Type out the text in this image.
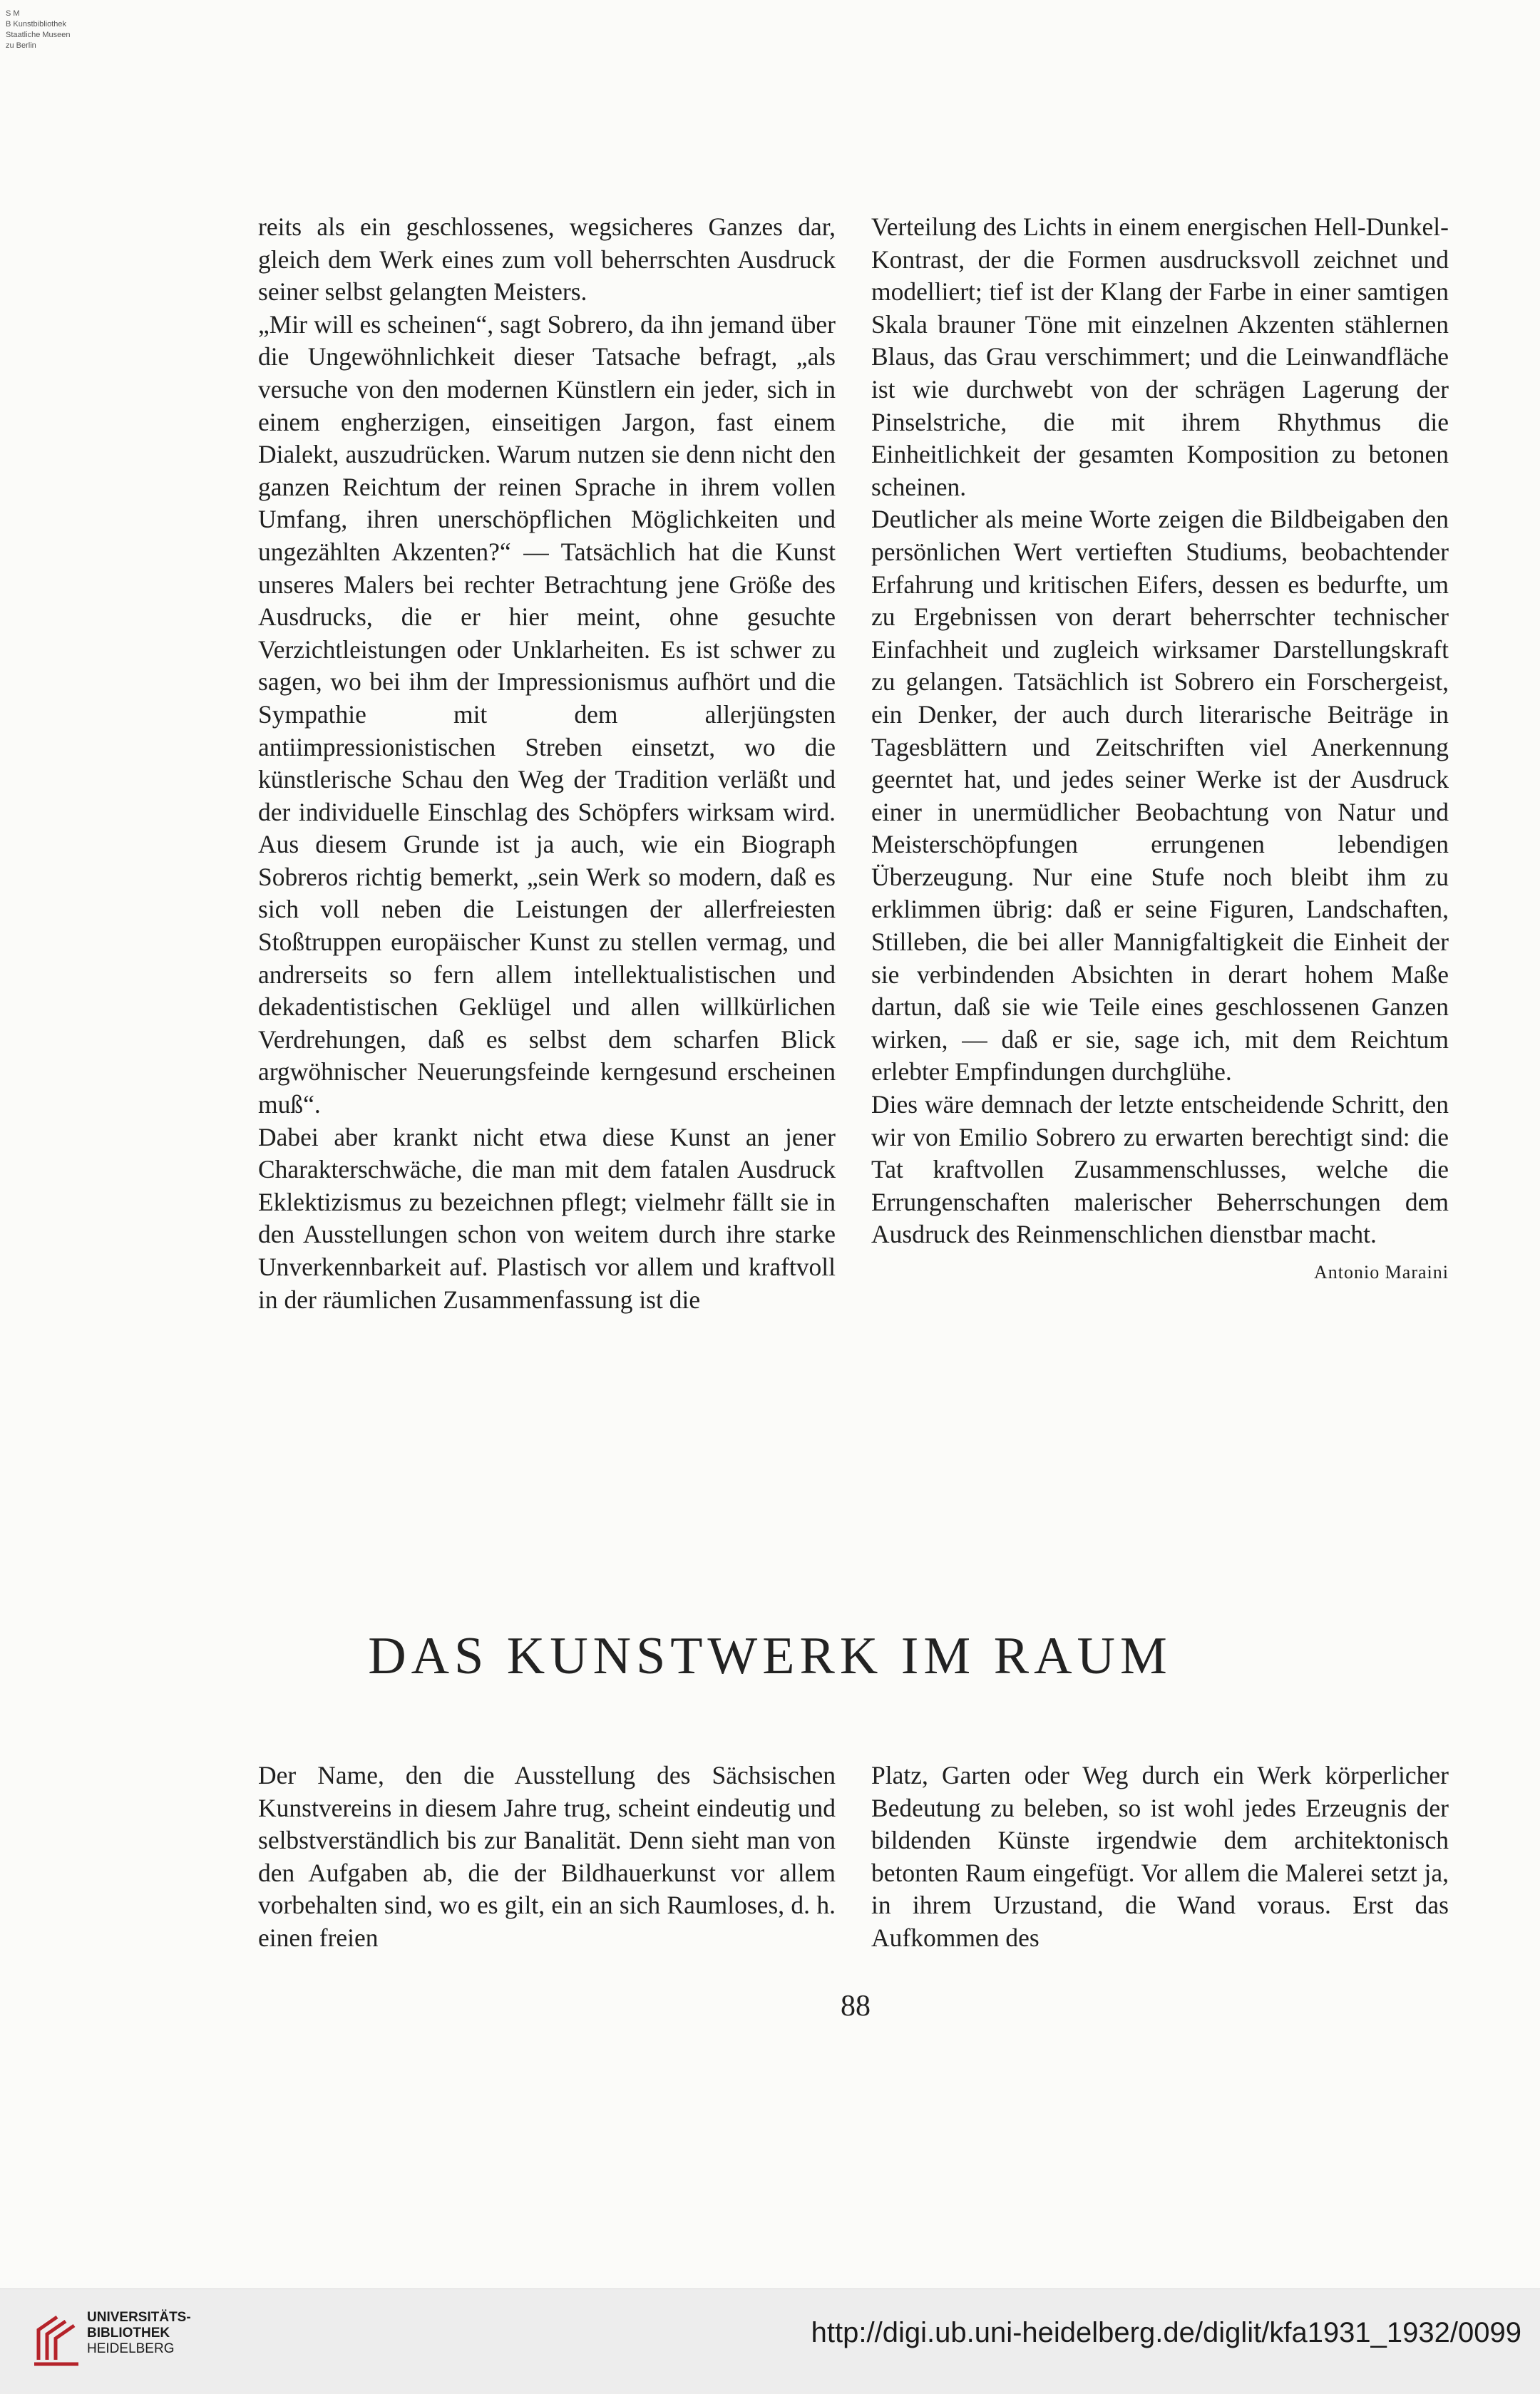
S M
B Kunstbibliothek
Staatliche Museen
zu Berlin

reits als ein geschlossenes, wegsicheres Ganzes dar, gleich dem Werk eines zum voll beherrschten Ausdruck seiner selbst gelangten Meisters.

„Mir will es scheinen“, sagt Sobrero, da ihn jemand über die Ungewöhnlichkeit dieser Tatsache befragt, „als versuche von den modernen Künstlern ein jeder, sich in einem engherzigen, einseitigen Jargon, fast einem Dialekt, auszudrücken. Warum nutzen sie denn nicht den ganzen Reichtum der reinen Sprache in ihrem vollen Umfang, ihren unerschöpflichen Möglichkeiten und ungezählten Akzenten?“ — Tatsächlich hat die Kunst unseres Malers bei rechter Betrachtung jene Größe des Ausdrucks, die er hier meint, ohne gesuchte Verzichtleistungen oder Unklarheiten. Es ist schwer zu sagen, wo bei ihm der Impressionismus aufhört und die Sympathie mit dem allerjüngsten antiimpressionistischen Streben einsetzt, wo die künstlerische Schau den Weg der Tradition verläßt und der individuelle Einschlag des Schöpfers wirksam wird. Aus diesem Grunde ist ja auch, wie ein Biograph Sobreros richtig bemerkt, „sein Werk so modern, daß es sich voll neben die Leistungen der allerfreiesten Stoßtruppen europäischer Kunst zu stellen vermag, und andrerseits so fern allem intellektualistischen und dekadentistischen Geklügel und allen willkürlichen Verdrehungen, daß es selbst dem scharfen Blick argwöhnischer Neuerungsfeinde kerngesund erscheinen muß“.

Dabei aber krankt nicht etwa diese Kunst an jener Charakterschwäche, die man mit dem fatalen Ausdruck Eklektizismus zu bezeichnen pflegt; vielmehr fällt sie in den Ausstellungen schon von weitem durch ihre starke Unverkennbarkeit auf. Plastisch vor allem und kraftvoll in der räumlichen Zusammenfassung ist die

Verteilung des Lichts in einem energischen Hell-Dunkel-Kontrast, der die Formen ausdrucksvoll zeichnet und modelliert; tief ist der Klang der Farbe in einer samtigen Skala brauner Töne mit einzelnen Akzenten stählernen Blaus, das Grau verschimmert; und die Leinwandfläche ist wie durchwebt von der schrägen Lagerung der Pinselstriche, die mit ihrem Rhythmus die Einheitlichkeit der gesamten Komposition zu betonen scheinen.

Deutlicher als meine Worte zeigen die Bildbeigaben den persönlichen Wert vertieften Studiums, beobachtender Erfahrung und kritischen Eifers, dessen es bedurfte, um zu Ergebnissen von derart beherrschter technischer Einfachheit und zugleich wirksamer Darstellungskraft zu gelangen. Tatsächlich ist Sobrero ein Forschergeist, ein Denker, der auch durch literarische Beiträge in Tagesblättern und Zeitschriften viel Anerkennung geerntet hat, und jedes seiner Werke ist der Ausdruck einer in unermüdlicher Beobachtung von Natur und Meisterschöpfungen errungenen lebendigen Überzeugung. Nur eine Stufe noch bleibt ihm zu erklimmen übrig: daß er seine Figuren, Landschaften, Stilleben, die bei aller Mannigfaltigkeit die Einheit der sie verbindenden Absichten in derart hohem Maße dartun, daß sie wie Teile eines geschlossenen Ganzen wirken, — daß er sie, sage ich, mit dem Reichtum erlebter Empfindungen durchglühe.

Dies wäre demnach der letzte entscheidende Schritt, den wir von Emilio Sobrero zu erwarten berechtigt sind: die Tat kraftvollen Zusammenschlusses, welche die Errungenschaften malerischer Beherrschungen dem Ausdruck des Reinmenschlichen dienstbar macht.

Antonio Maraini
DAS KUNSTWERK IM RAUM

Der Name, den die Ausstellung des Sächsischen Kunstvereins in diesem Jahre trug, scheint eindeutig und selbstverständlich bis zur Banalität. Denn sieht man von den Aufgaben ab, die der Bildhauerkunst vor allem vorbehalten sind, wo es gilt, ein an sich Raumloses, d. h. einen freien

Platz, Garten oder Weg durch ein Werk körperlicher Bedeutung zu beleben, so ist wohl jedes Erzeugnis der bildenden Künste irgendwie dem architektonisch betonten Raum eingefügt. Vor allem die Malerei setzt ja, in ihrem Urzustand, die Wand voraus. Erst das Aufkommen des

88
UNIVERSITÄTS-
BIBLIOTHEK
HEIDELBERG
http://digi.ub.uni-heidelberg.de/diglit/kfa1931_1932/0099
